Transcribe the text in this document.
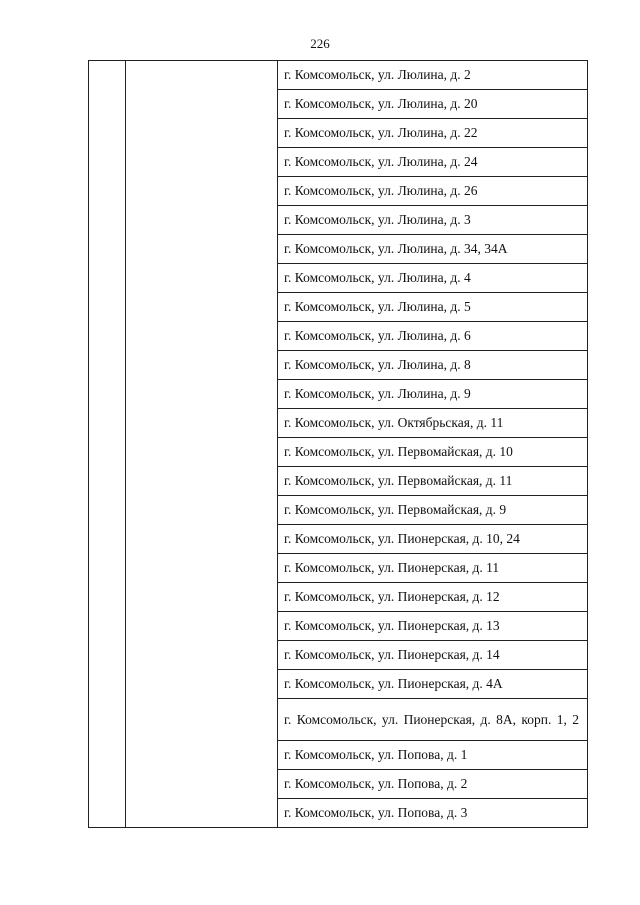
226
		г. Комсомольск, ул. Люлина, д. 2
г. Комсомольск, ул. Люлина, д. 20
г. Комсомольск, ул. Люлина, д. 22
г. Комсомольск, ул. Люлина, д. 24
г. Комсомольск, ул. Люлина, д. 26
г. Комсомольск, ул. Люлина, д. 3
г. Комсомольск, ул. Люлина, д. 34, 34А
г. Комсомольск, ул. Люлина, д. 4
г. Комсомольск, ул. Люлина, д. 5
г. Комсомольск, ул. Люлина, д. 6
г. Комсомольск, ул. Люлина, д. 8
г. Комсомольск, ул. Люлина, д. 9
г. Комсомольск, ул. Октябрьская, д. 11
г. Комсомольск, ул. Первомайская, д. 10
г. Комсомольск, ул. Первомайская, д. 11
г. Комсомольск, ул. Первомайская, д. 9
г. Комсомольск, ул. Пионерская, д. 10, 24
г. Комсомольск, ул. Пионерская, д. 11
г. Комсомольск, ул. Пионерская, д. 12
г. Комсомольск, ул. Пионерская, д. 13
г. Комсомольск, ул. Пионерская, д. 14
г. Комсомольск, ул. Пионерская, д. 4А
г. Комсомольск, ул. Пионерская, д. 8А, корп. 1, 2
г. Комсомольск, ул. Попова, д. 1
г. Комсомольск, ул. Попова, д. 2
г. Комсомольск, ул. Попова, д. 3
